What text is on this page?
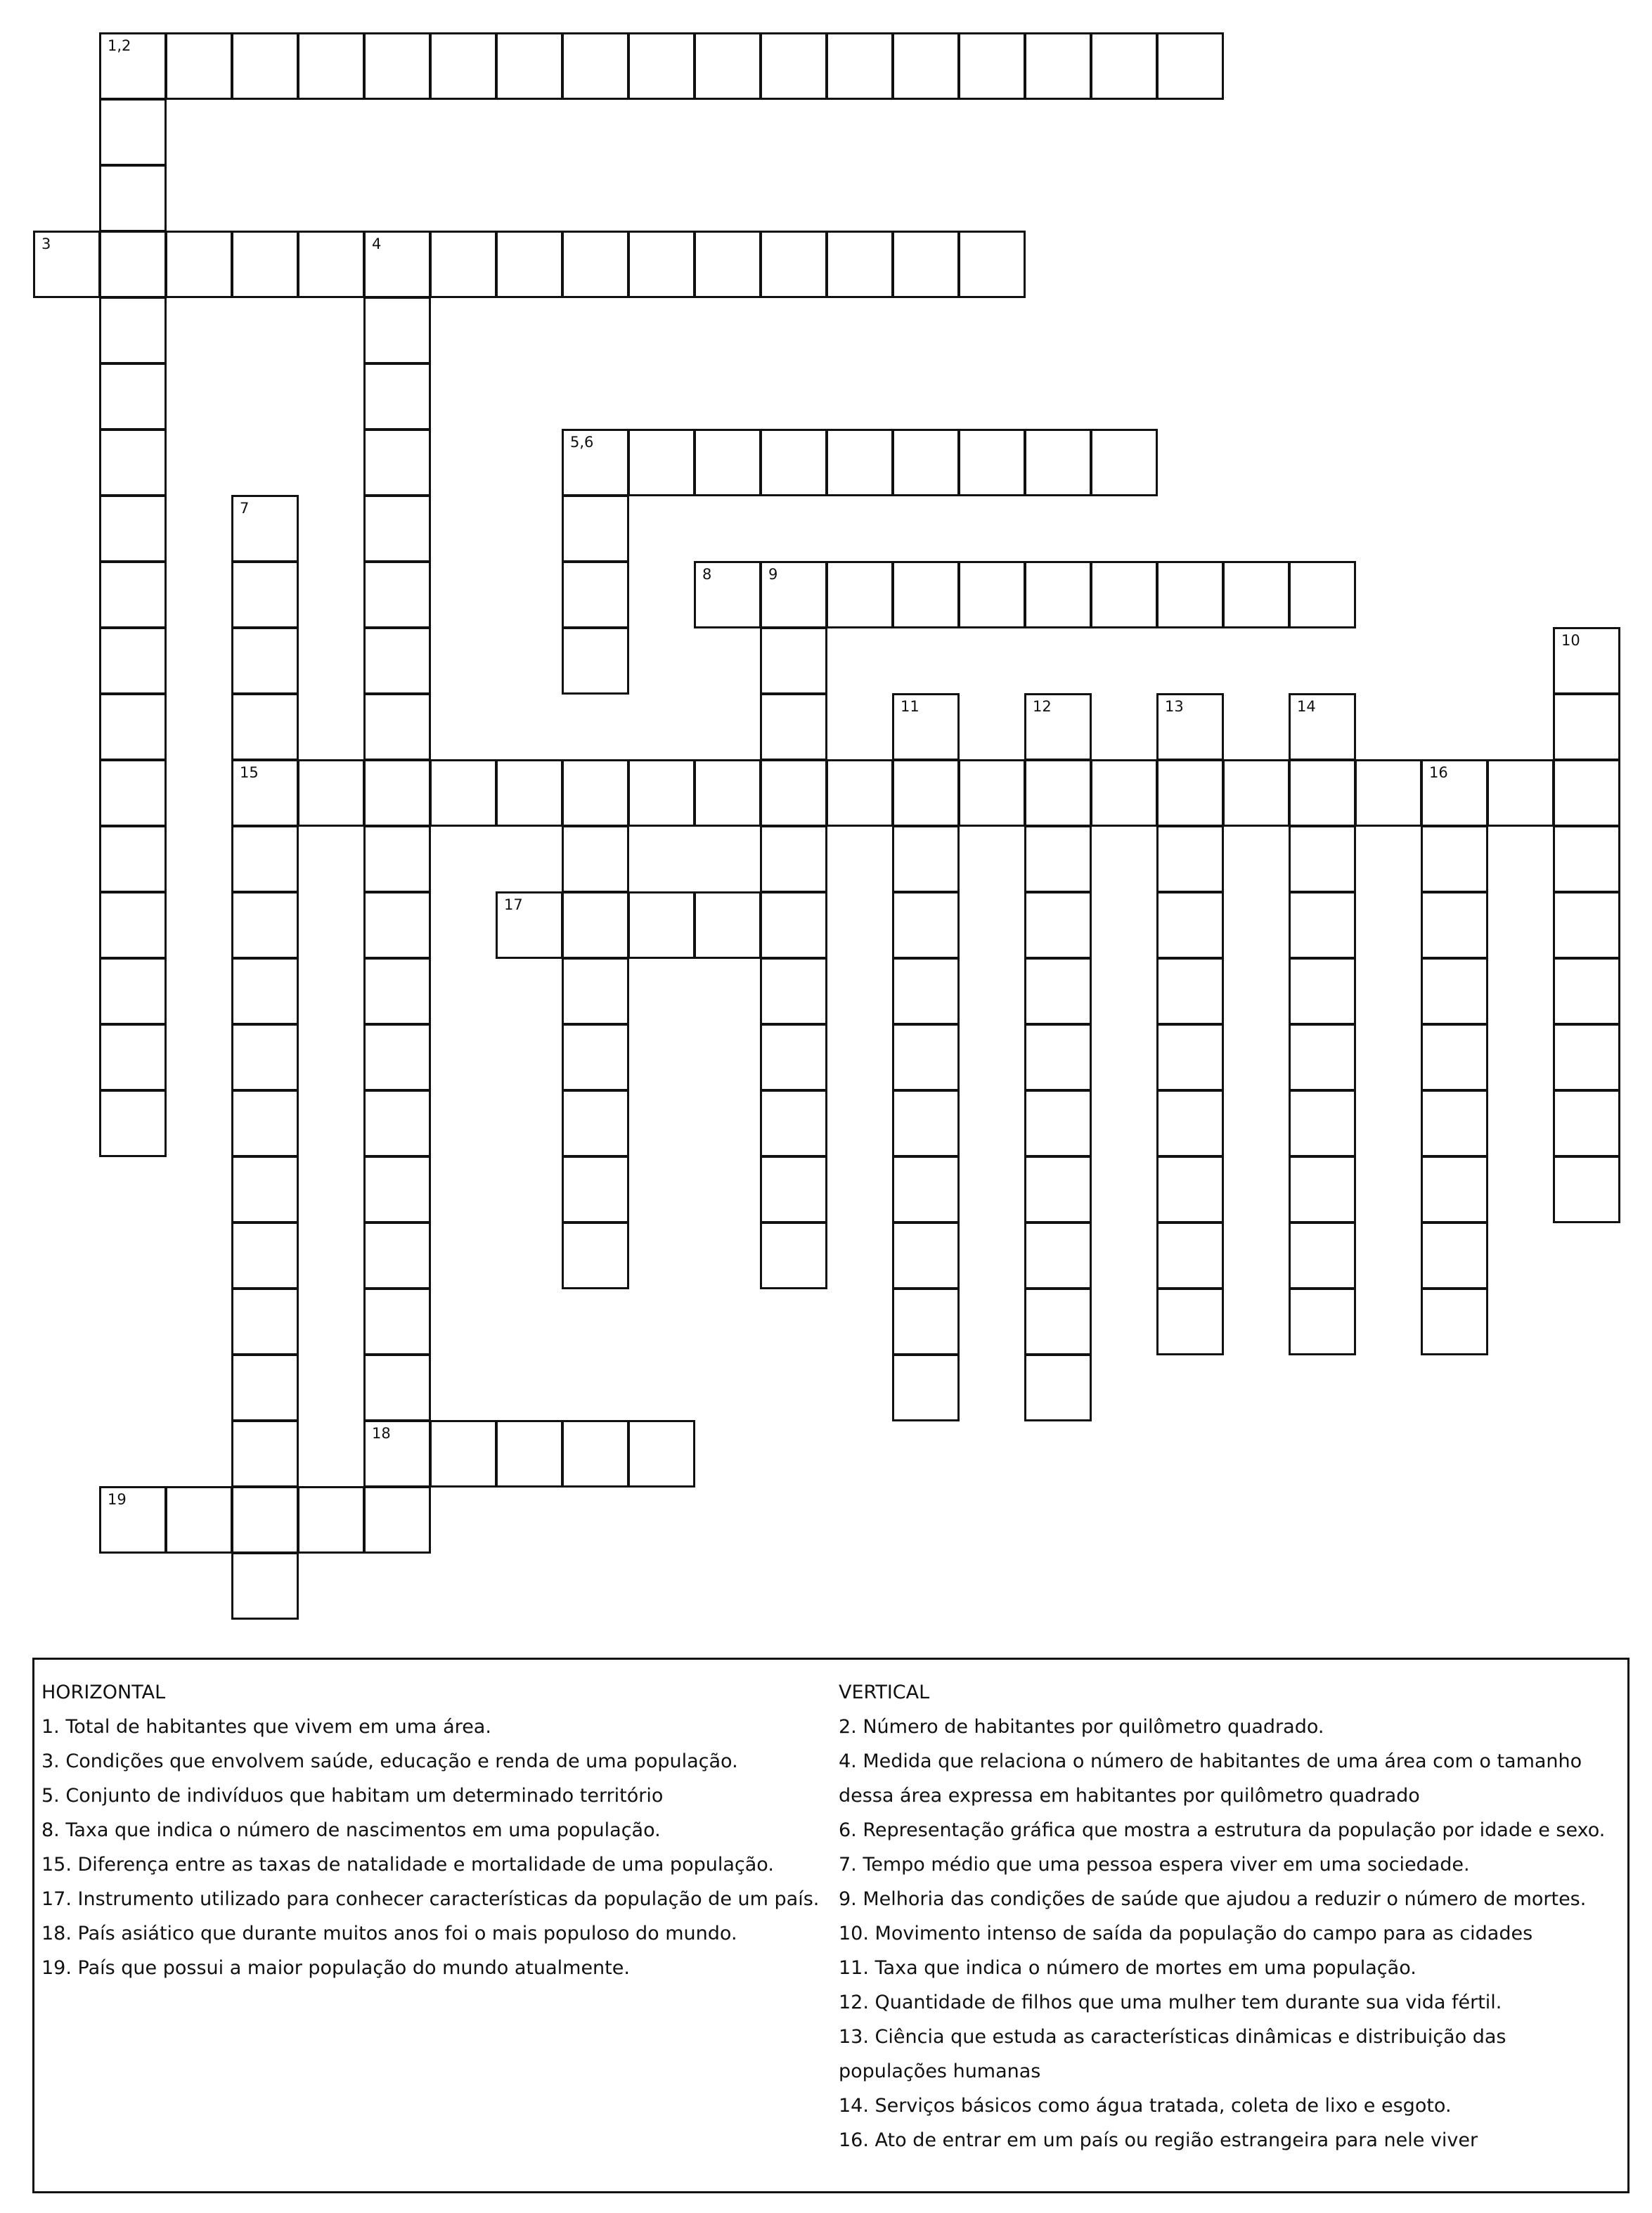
1,2
3	4
5,6
7
8	9
10
11	12	13	14
15	16
17
18
19
HORIZONTAL
1. Total de habitantes que vivem em uma área.
3. Condições que envolvem saúde, educação e renda de uma população.
5. Conjunto de indivíduos que habitam um determinado território
8. Taxa que indica o número de nascimentos em uma população.
15. Diferença entre as taxas de natalidade e mortalidade de uma população.
17. Instrumento utilizado para conhecer características da população de um país.
18. País asiático que durante muitos anos foi o mais populoso do mundo.
19. País que possui a maior população do mundo atualmente.
VERTICAL
2. Número de habitantes por quilômetro quadrado.
4. Medida que relaciona o número de habitantes de uma área com o tamanho dessa área expressa em habitantes por quilômetro quadrado
6. Representação gráfica que mostra a estrutura da população por idade e sexo.
7. Tempo médio que uma pessoa espera viver em uma sociedade.
9. Melhoria das condições de saúde que ajudou a reduzir o número de mortes.
10. Movimento intenso de saída da população do campo para as cidades
11. Taxa que indica o número de mortes em uma população.
12. Quantidade de filhos que uma mulher tem durante sua vida fértil.
13. Ciência que estuda as características dinâmicas e distribuição das populações humanas
14. Serviços básicos como água tratada, coleta de lixo e esgoto.
16. Ato de entrar em um país ou região estrangeira para nele viver
